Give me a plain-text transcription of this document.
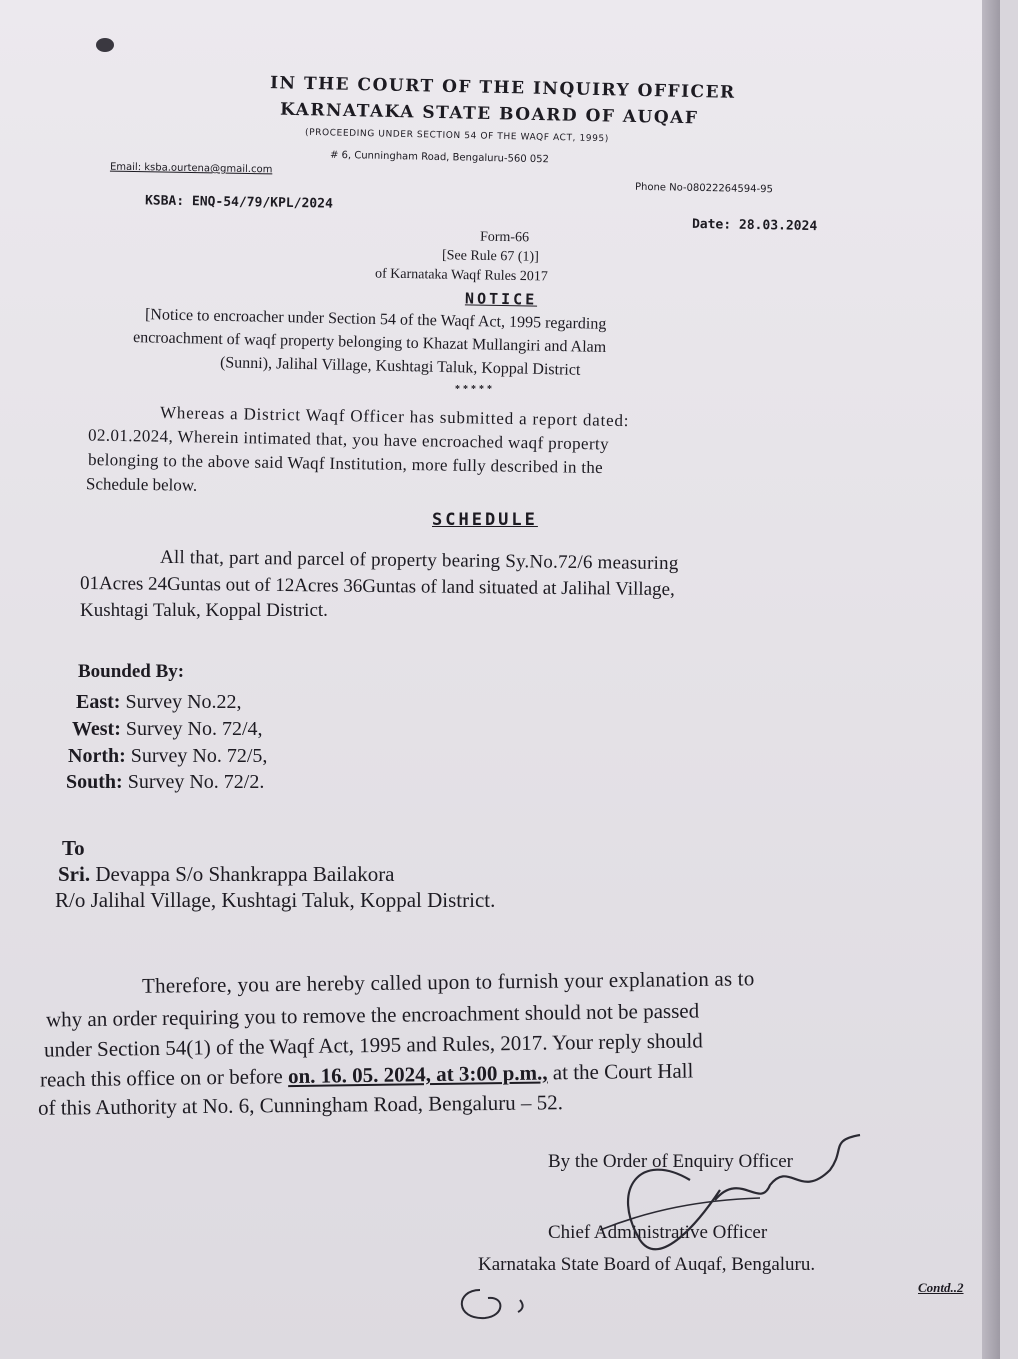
IN THE COURT OF THE INQUIRY OFFICER
KARNATAKA STATE BOARD OF AUQAF
(PROCEEDING UNDER SECTION 54 OF THE WAQF ACT, 1995)
# 6, Cunningham Road, Bengaluru-560 052
Email: ksba.ourtena@gmail.com
Phone No-08022264594-95
KSBA: ENQ-54/79/KPL/2024
Date: 28.03.2024
Form-66
[See Rule 67 (1)]
of Karnataka Waqf Rules 2017
NOTICE
[Notice to encroacher under Section 54 of the Waqf Act, 1995 regarding
encroachment of waqf property belonging to Khazat Mullangiri and Alam
(Sunni), Jalihal Village, Kushtagi Taluk, Koppal District
*****
Whereas a District Waqf Officer has submitted a report dated:
02.01.2024, Wherein intimated that, you have encroached waqf property
belonging to the above said Waqf Institution, more fully described in the
Schedule below.
SCHEDULE
All that, part and parcel of property bearing Sy.No.72/6 measuring
01Acres 24Guntas out of 12Acres 36Guntas of land situated at Jalihal Village,
Kushtagi Taluk, Koppal District.
Bounded By:
East: Survey No.22,
West: Survey No. 72/4,
North: Survey No. 72/5,
South: Survey No. 72/2.
To
Sri. Devappa S/o Shankrappa Bailakora
R/o Jalihal Village, Kushtagi Taluk, Koppal District.
Therefore, you are hereby called upon to furnish your explanation as to
why an order requiring you to remove the encroachment should not be passed
under Section 54(1) of the Waqf Act, 1995 and Rules, 2017. Your reply should
reach this office on or before on. 16. 05. 2024, at 3:00 p.m., at the Court Hall
of this Authority at No. 6, Cunningham Road, Bengaluru – 52.
By the Order of Enquiry Officer
Chief Administrative Officer
Karnataka State Board of Auqaf, Bengaluru.
Contd..2
